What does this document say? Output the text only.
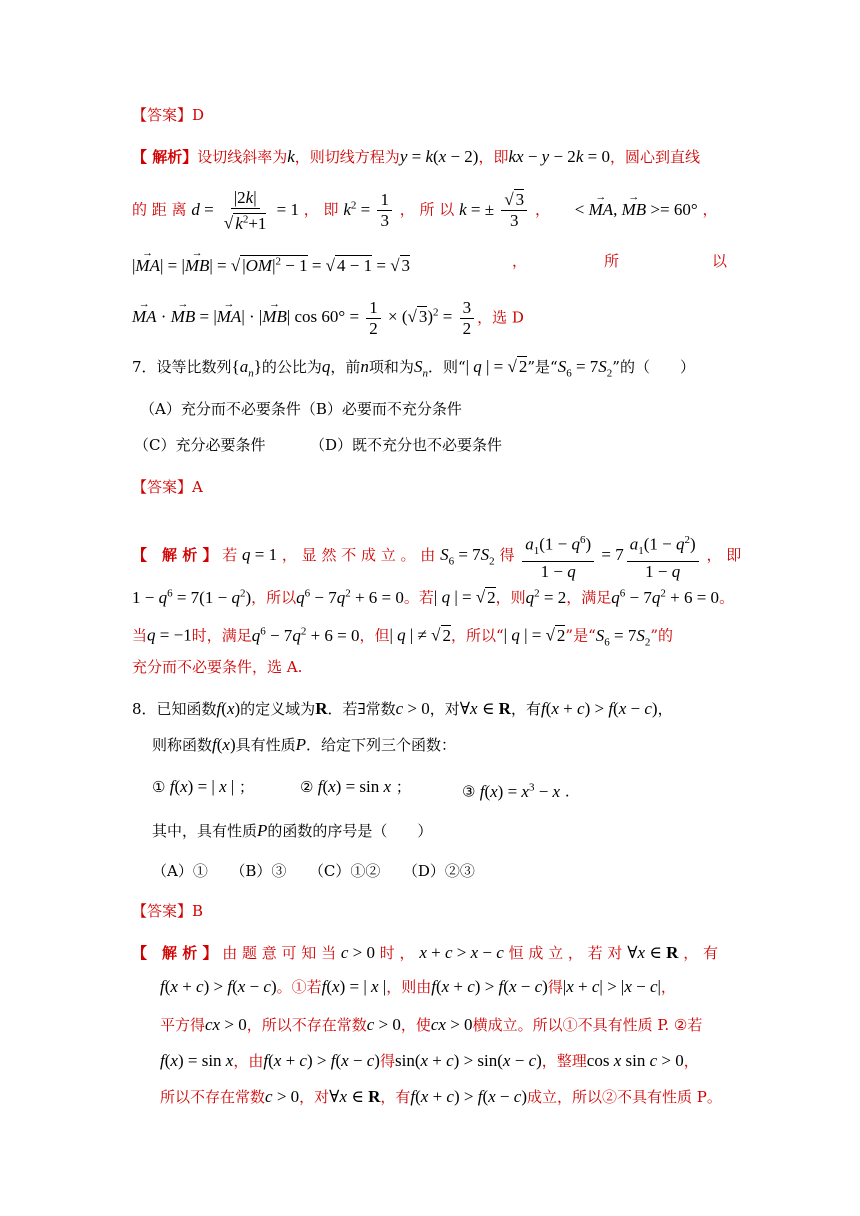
【答案】D
【 解析】设切线斜率为k，则切线方程为y = k(x − 2)，即kx − y − 2k = 0，圆心到直线
的 距 离 $d = \frac{|2k|}{√ k^2+1} = 1$ ， 即 $k^2 = \frac{1}{3}$ ， 所 以 k = ± $\frac{√ 3}{3}$ ， < → MA, → MB >= 60° ，
|→ MA| = |→ MB| = √ $|OM|^2 - 1$ = √ 4 − 1 = √ 3	，	所	以
→ MA · → MB = |→ MA| · |→ MB| $\cos 60^\circ = \frac{1}{2}$ × (√ $3)^2 = \frac{3}{2}$ ，选 D
7．设等比数列$\{a_n\}$的公比为q，前n项和为$S_n$．则“| q | = √ 2”是“$S_6 = 7S_2$”的（　　）
（A）充分而不必要条件（B）必要而不充分条件
（C）充分必要条件	（D）既不充分也不必要条件
【答案】A
【　解 析 】 若 q = 1 ， 显 然 不 成 立 。 由 $S_6 = 7S_2$ 得 $\frac{a_1(1 - q^6)}{1 - q} = 7 \frac{a_1(1 - q^2)}{1 - q}$ ， 即
$1 - q^6 = 7(1 - q^2)$，所以$q^6 - 7q^2 + 6 = 0$。若| q | = √ 2，则$q^2 = 2$，满足$q^6 - 7q^2 + 6 = 0$。
当q = −1时，满足$q^6 - 7q^2 + 6 = 0$，但| q | ≠ √ 2，所以“| q | = √ 2”是“$S_6 = 7S_2$”的
充分而不必要条件，选 A.
8．已知函数f(x)的定义域为R．若∃常数c > 0，对∀x ∈ R，有f(x + c) > f(x − c)，
则称函数f(x)具有性质P．给定下列三个函数：
① f(x) = | x | ；	② f(x) = sin x ；	③ $f(x) = x^3 - x$ .
其中，具有性质P的函数的序号是（　　）
（A）①　　（B）③　　（C）①②　　（D）②③
【答案】B
【　解 析 】 由 题 意 可 知 当 c > 0 时 ， x + c > x − c 恒 成 立 ， 若 对 ∀x ∈ R ， 有
f(x + c) > f(x − c)。①若f(x) = | x |，则由f(x + c) > f(x − c)得|x + c| > |x − c|，
平方得cx > 0，所以不存在常数c > 0，使cx > 0横成立。所以①不具有性质 P. ②若
f(x) = sin x，由f(x + c) > f(x − c)得sin(x + c) > sin(x − c)，整理cos x sin c > 0，
所以不存在常数c > 0，对∀x ∈ R，有f(x + c) > f(x − c)成立，所以②不具有性质 P。
